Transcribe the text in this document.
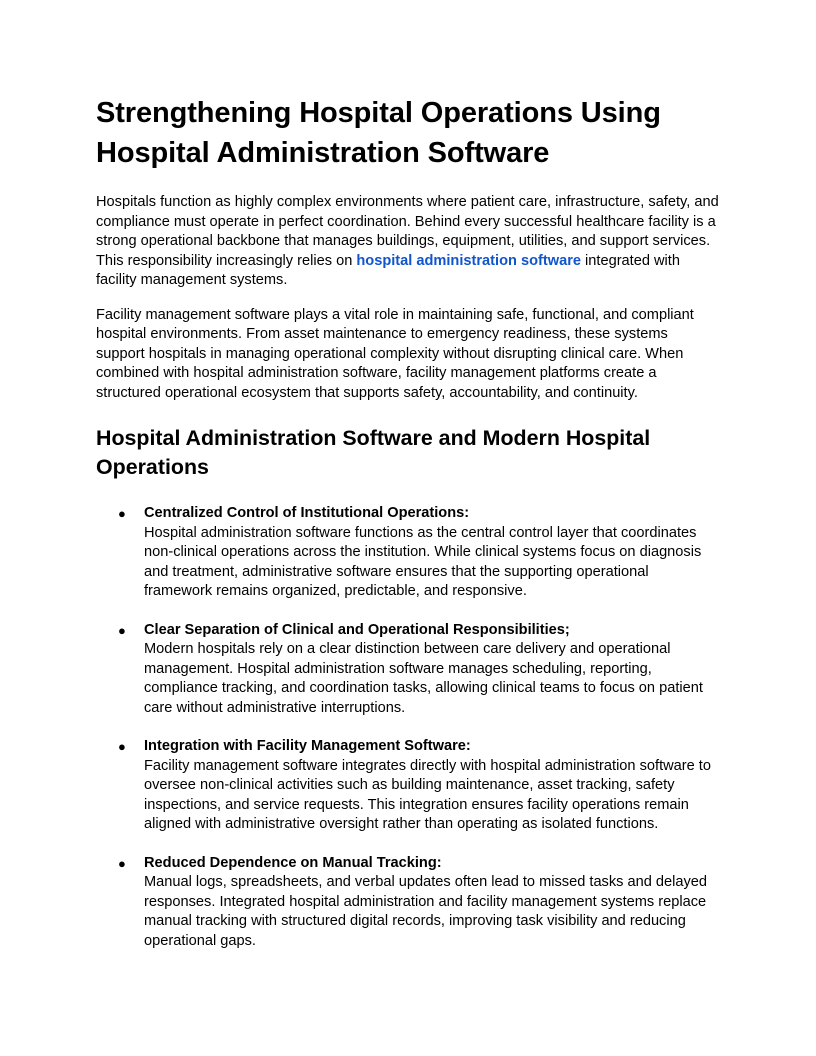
Strengthening Hospital Operations Using Hospital Administration Software

Hospitals function as highly complex environments where patient care, infrastructure, safety, and compliance must operate in perfect coordination. Behind every successful healthcare facility is a strong operational backbone that manages buildings, equipment, utilities, and support services. This responsibility increasingly relies on hospital administration software integrated with facility management systems.

Facility management software plays a vital role in maintaining safe, functional, and compliant hospital environments. From asset maintenance to emergency readiness, these systems support hospitals in managing operational complexity without disrupting clinical care. When combined with hospital administration software, facility management platforms create a structured operational ecosystem that supports safety, accountability, and continuity.

Hospital Administration Software and Modern Hospital Operations
● Centralized Control of Institutional Operations:
Hospital administration software functions as the central control layer that coordinates non-clinical operations across the institution. While clinical systems focus on diagnosis and treatment, administrative software ensures that the supporting operational framework remains organized, predictable, and responsive.
● Clear Separation of Clinical and Operational Responsibilities;
Modern hospitals rely on a clear distinction between care delivery and operational management. Hospital administration software manages scheduling, reporting, compliance tracking, and coordination tasks, allowing clinical teams to focus on patient care without administrative interruptions.
● Integration with Facility Management Software:
Facility management software integrates directly with hospital administration software to oversee non-clinical activities such as building maintenance, asset tracking, safety inspections, and service requests. This integration ensures facility operations remain aligned with administrative oversight rather than operating as isolated functions.
● Reduced Dependence on Manual Tracking:
Manual logs, spreadsheets, and verbal updates often lead to missed tasks and delayed responses. Integrated hospital administration and facility management systems replace manual tracking with structured digital records, improving task visibility and reducing operational gaps.
